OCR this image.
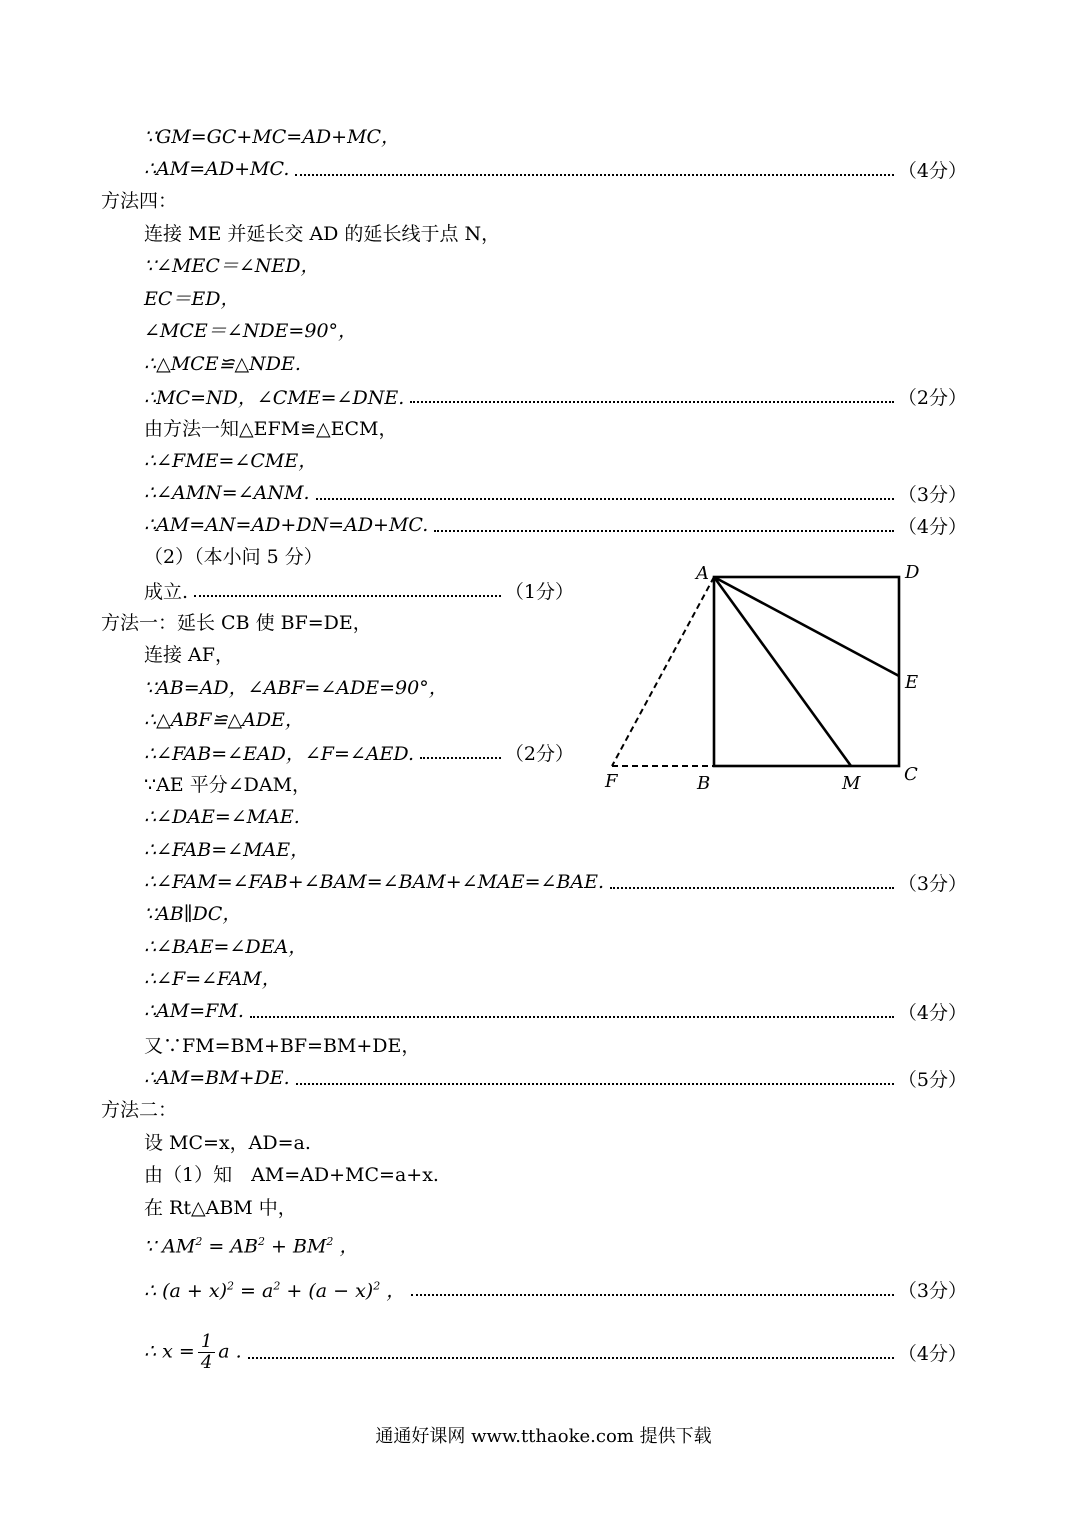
∵GM=GC+MC=AD+MC，
∴AM=AD+MC.	（4分）
方法四：
连接 ME 并延长交 AD 的延长线于点 N，
∵∠MEC＝∠NED，
EC＝ED，
∠MCE＝∠NDE=90°，
∴△MCE≌△NDE.
∴MC=ND，∠CME=∠DNE.	（2分）
由方法一知△EFM≌△ECM，
∴∠FME=∠CME，
∴∠AMN=∠ANM.	（3分）
∴AM=AN=AD+DN=AD+MC.	（4分）
（2）（本小问 5 分）
成立.	（1分）
方法一：延长 CB 使 BF=DE，
连接 AF，
∵AB=AD，∠ABF=∠ADE=90°，
∴△ABF≌△ADE，
∴∠FAB=∠EAD，∠F=∠AED.	（2分）
∵AE 平分∠DAM，
∴∠DAE=∠MAE.
∴∠FAB=∠MAE，
∴∠FAM=∠FAB+∠BAM=∠BAM+∠MAE=∠BAE.	（3分）
∵AB∥DC，
∴∠BAE=∠DEA，
∴∠F=∠FAM，
∴AM=FM.	（4分）
又∵FM=BM+BF=BM+DE，
∴AM=BM+DE.	（5分）
方法二：
设 MC=x，AD=a.
由（1）知　AM=AD+MC=a+x.
在 Rt△ABM 中，
∵ $AM^2 = AB^2 + BM^2$ ，
∴ $(a + x)^2 = a^2 + (a - x)^2$ ，	（3分）
∴ $x = \frac{1}{4}$ a .	（4分）
A	D
E
F	B	M C
通通好课网 www.tthaoke.com 提供下载
